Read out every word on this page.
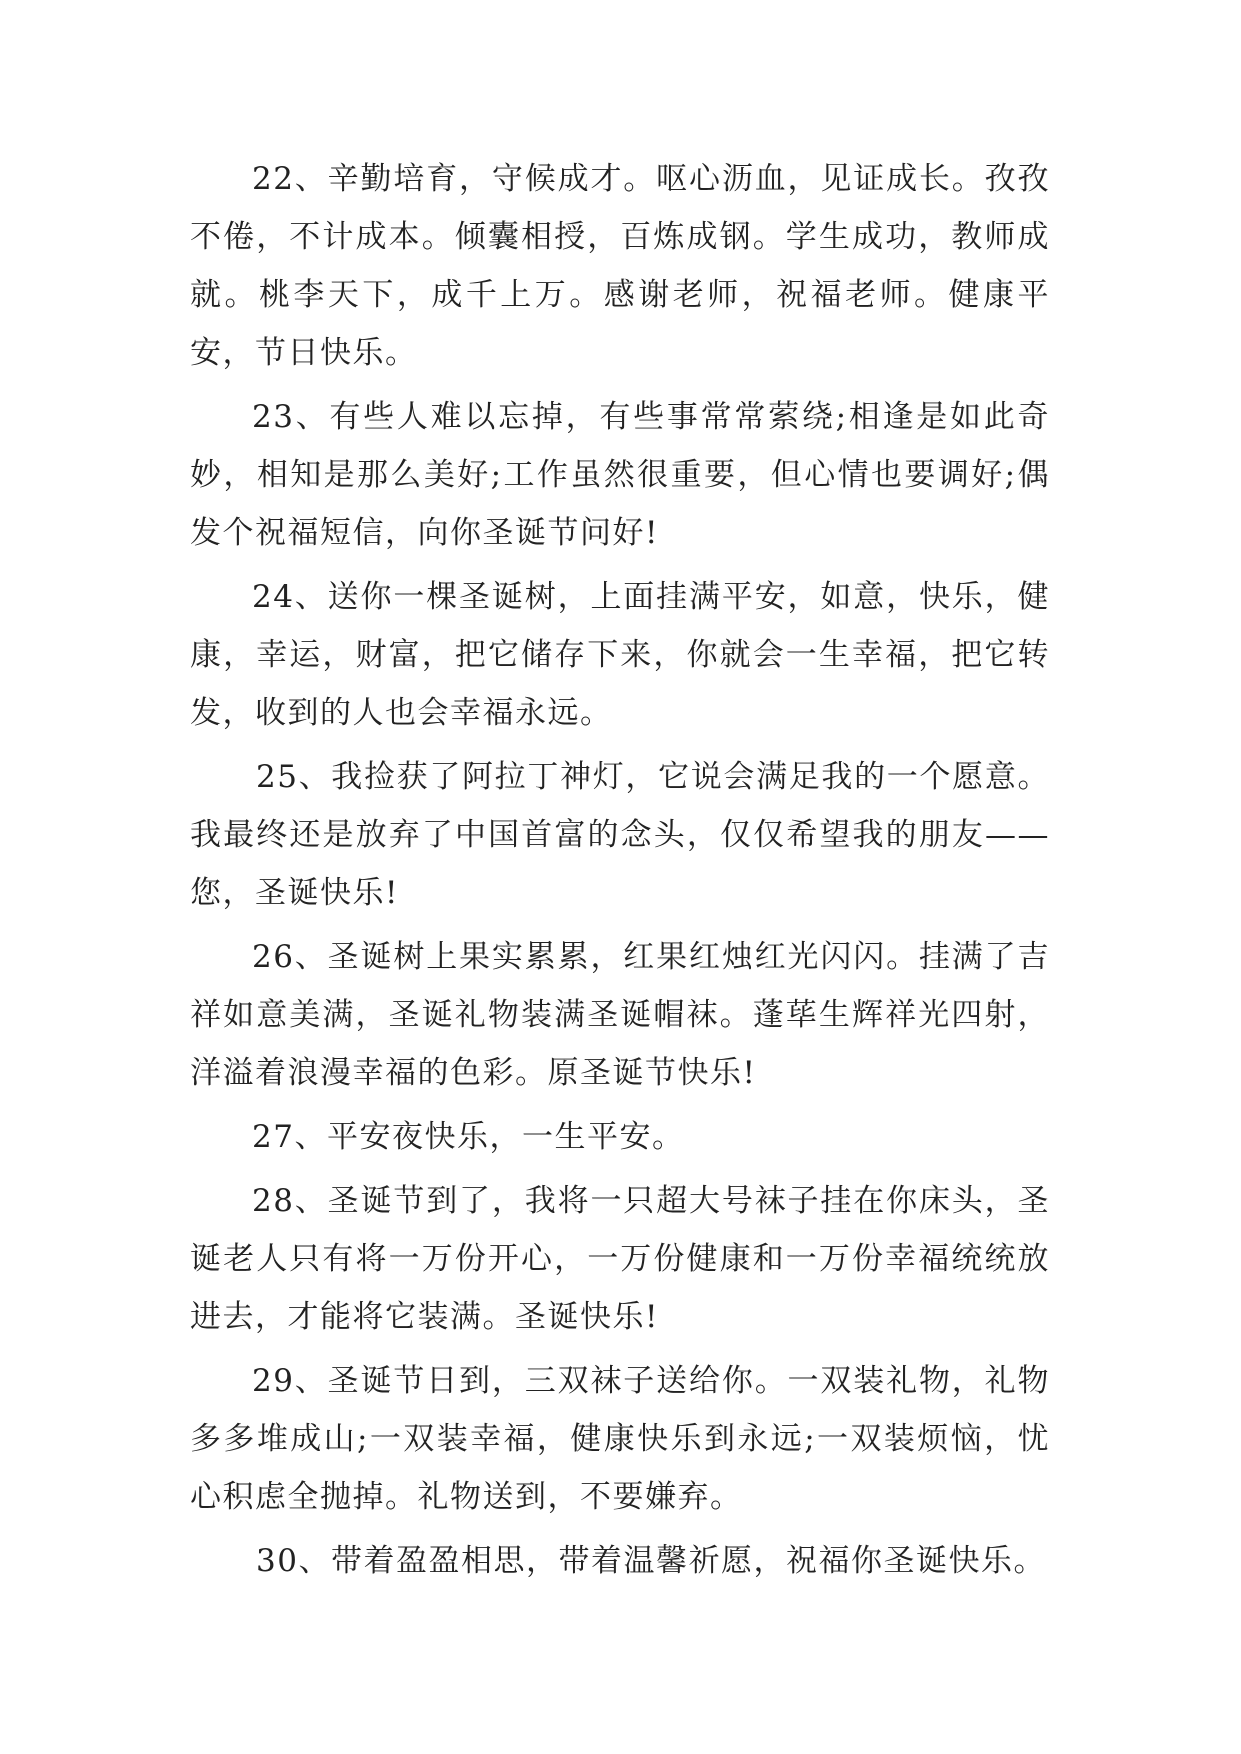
22、辛勤培育，守候成才。呕心沥血，见证成长。孜孜不倦，不计成本。倾囊相授，百炼成钢。学生成功，教师成就。桃李天下，成千上万。感谢老师，祝福老师。健康平安，节日快乐。

23、有些人难以忘掉，有些事常常萦绕;相逢是如此奇妙，相知是那么美好;工作虽然很重要，但心情也要调好;偶发个祝福短信，向你圣诞节问好!

24、送你一棵圣诞树，上面挂满平安，如意，快乐，健康，幸运，财富，把它储存下来，你就会一生幸福，把它转发，收到的人也会幸福永远。

25、我捡获了阿拉丁神灯，它说会满足我的一个愿意。我最终还是放弃了中国首富的念头，仅仅希望我的朋友——您，圣诞快乐!

26、圣诞树上果实累累，红果红烛红光闪闪。挂满了吉祥如意美满，圣诞礼物装满圣诞帽袜。蓬荜生辉祥光四射，洋溢着浪漫幸福的色彩。原圣诞节快乐!

27、平安夜快乐，一生平安。

28、圣诞节到了，我将一只超大号袜子挂在你床头，圣诞老人只有将一万份开心，一万份健康和一万份幸福统统放进去，才能将它装满。圣诞快乐!

29、圣诞节日到，三双袜子送给你。一双装礼物，礼物多多堆成山;一双装幸福，健康快乐到永远;一双装烦恼，忧心积虑全抛掉。礼物送到，不要嫌弃。

30、带着盈盈相思，带着温馨祈愿，祝福你圣诞快乐。
